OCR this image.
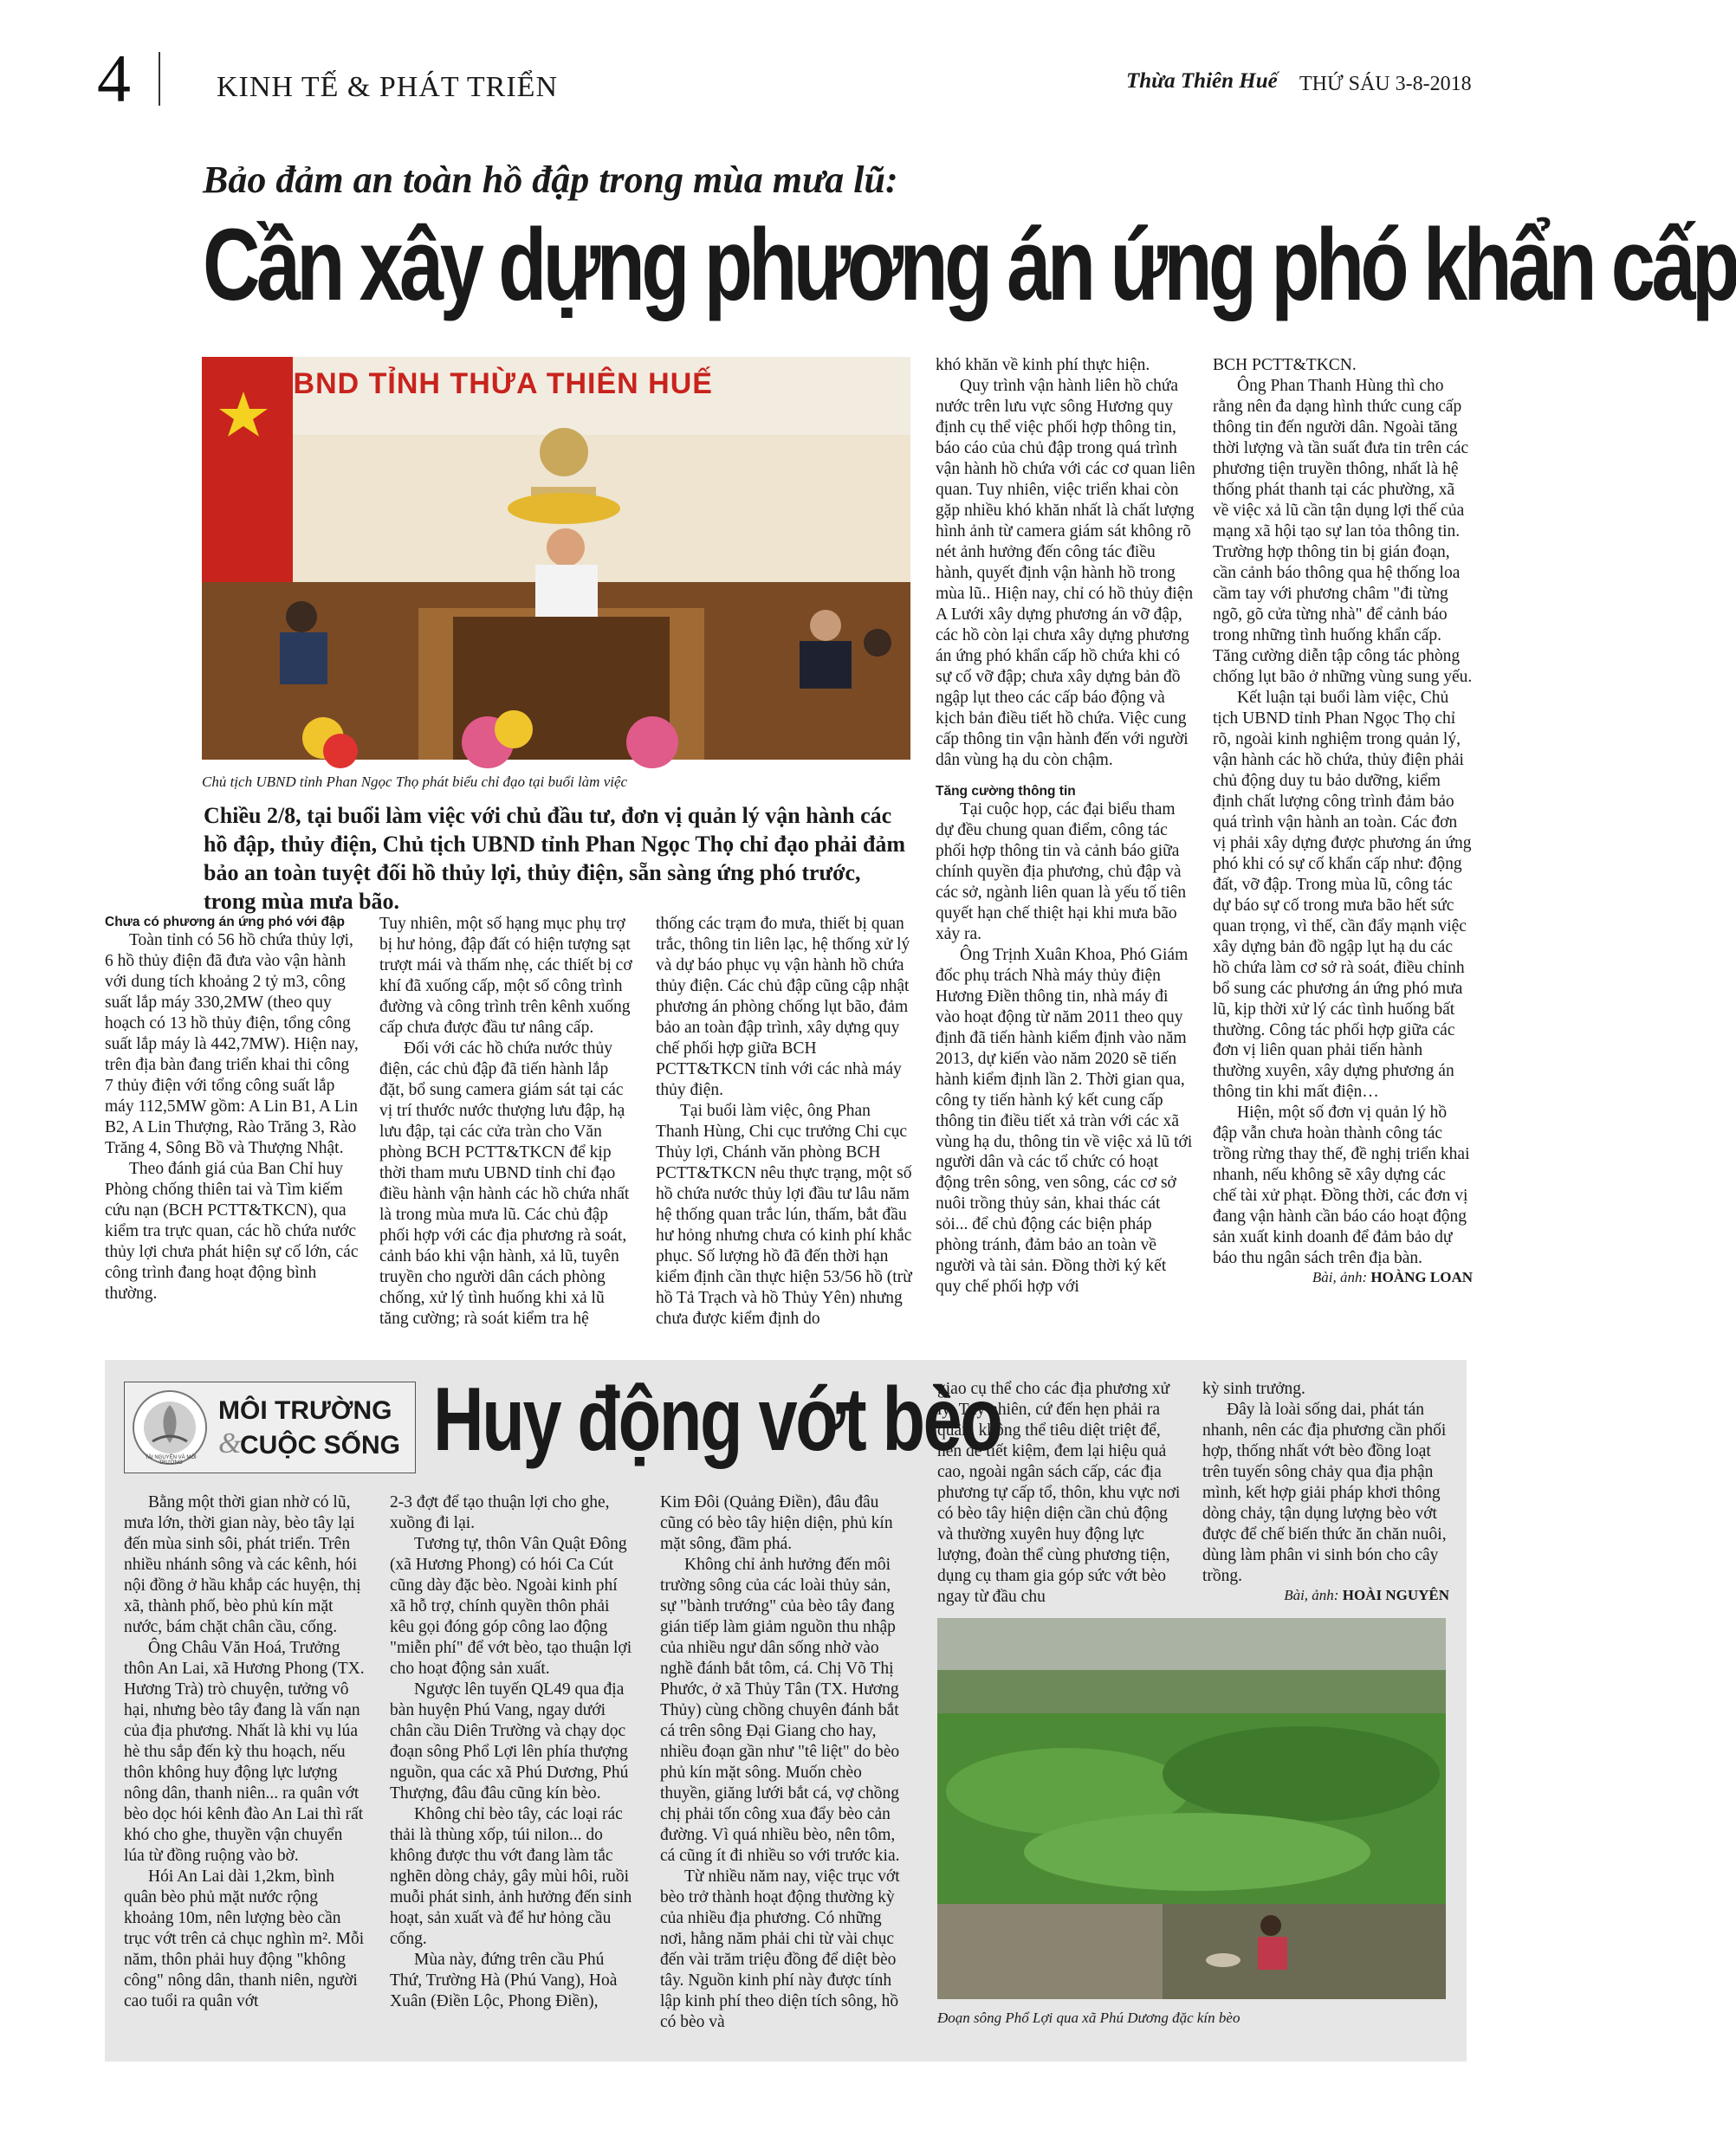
4	KINH TẾ & PHÁT TRIỂN	Thừa Thiên Huế THỨ SÁU 3-8-2018
Bảo đảm an toàn hồ đập trong mùa mưa lũ:
Cần xây dựng phương án ứng phó khẩn cấp
UBND TỈNH THỪA THIÊN HUẾ
Chủ tịch UBND tỉnh Phan Ngọc Thọ phát biểu chỉ đạo tại buổi làm việc
Chiều 2/8, tại buổi làm việc với chủ đầu tư, đơn vị quản lý vận hành các hồ đập, thủy điện, Chủ tịch UBND tỉnh Phan Ngọc Thọ chỉ đạo phải đảm bảo an toàn tuyệt đối hồ thủy lợi, thủy điện, sẵn sàng ứng phó trước, trong mùa mưa bão.
Chưa có phương án ứng phó với đập

Toàn tỉnh có 56 hồ chứa thủy lợi, 6 hồ thủy điện đã đưa vào vận hành với dung tích khoảng 2 tỷ m3, công suất lắp máy 330,2MW (theo quy hoạch có 13 hồ thủy điện, tổng công suất lắp máy là 442,7MW). Hiện nay, trên địa bàn đang triển khai thi công 7 thủy điện với tổng công suất lắp máy 112,5MW gồm: A Lin B1, A Lin B2, A Lin Thượng, Rào Trăng 3, Rào Trăng 4, Sông Bồ và Thượng Nhật.

Theo đánh giá của Ban Chỉ huy Phòng chống thiên tai và Tìm kiếm cứu nạn (BCH PCTT&TKCN), qua kiểm tra trực quan, các hồ chứa nước thủy lợi chưa phát hiện sự cố lớn, các công trình đang hoạt động bình thường.

Tuy nhiên, một số hạng mục phụ trợ bị hư hỏng, đập đất có hiện tượng sạt trượt mái và thấm nhẹ, các thiết bị cơ khí đã xuống cấp, một số công trình đường và công trình trên kênh xuống cấp chưa được đầu tư nâng cấp.

Đối với các hồ chứa nước thủy điện, các chủ đập đã tiến hành lắp đặt, bổ sung camera giám sát tại các vị trí thước nước thượng lưu đập, hạ lưu đập, tại các cửa tràn cho Văn phòng BCH PCTT&TKCN để kịp thời tham mưu UBND tỉnh chỉ đạo điều hành vận hành các hồ chứa nhất là trong mùa mưa lũ. Các chủ đập phối hợp với các địa phương rà soát, cảnh báo khi vận hành, xả lũ, tuyên truyền cho người dân cách phòng chống, xử lý tình huống khi xả lũ tăng cường; rà soát kiểm tra hệ

thống các trạm đo mưa, thiết bị quan trắc, thông tin liên lạc, hệ thống xử lý và dự báo phục vụ vận hành hồ chứa thủy điện. Các chủ đập cũng cập nhật phương án phòng chống lụt bão, đảm bảo an toàn đập trình, xây dựng quy chế phối hợp giữa BCH PCTT&TKCN tỉnh với các nhà máy thủy điện.

Tại buổi làm việc, ông Phan Thanh Hùng, Chi cục trưởng Chi cục Thủy lợi, Chánh văn phòng BCH PCTT&TKCN nêu thực trạng, một số hồ chứa nước thủy lợi đầu tư lâu năm hệ thống quan trắc lún, thấm, bắt đầu hư hỏng nhưng chưa có kinh phí khắc phục. Số lượng hồ đã đến thời hạn kiểm định cần thực hiện 53/56 hồ (trừ hồ Tả Trạch và hồ Thủy Yên) nhưng chưa được kiểm định do

khó khăn về kinh phí thực hiện.

Quy trình vận hành liên hồ chứa nước trên lưu vực sông Hương quy định cụ thể việc phối hợp thông tin, báo cáo của chủ đập trong quá trình vận hành hồ chứa với các cơ quan liên quan. Tuy nhiên, việc triển khai còn gặp nhiều khó khăn nhất là chất lượng hình ảnh từ camera giám sát không rõ nét ảnh hưởng đến công tác điều hành, quyết định vận hành hồ trong mùa lũ.. Hiện nay, chỉ có hồ thủy điện A Lưới xây dựng phương án vỡ đập, các hồ còn lại chưa xây dựng phương án ứng phó khẩn cấp hồ chứa khi có sự cố vỡ đập; chưa xây dựng bản đồ ngập lụt theo các cấp báo động và kịch bản điều tiết hồ chứa. Việc cung cấp thông tin vận hành đến với người dân vùng hạ du còn chậm.

Tăng cường thông tin

Tại cuộc họp, các đại biểu tham dự đều chung quan điểm, công tác phối hợp thông tin và cảnh báo giữa chính quyền địa phương, chủ đập và các sở, ngành liên quan là yếu tố tiên quyết hạn chế thiệt hại khi mưa bão xảy ra.

Ông Trịnh Xuân Khoa, Phó Giám đốc phụ trách Nhà máy thủy điện Hương Điền thông tin, nhà máy đi vào hoạt động từ năm 2011 theo quy định đã tiến hành kiểm định vào năm 2013, dự kiến vào năm 2020 sẽ tiến hành kiểm định lần 2. Thời gian qua, công ty tiến hành ký kết cung cấp thông tin điều tiết xả tràn với các xã vùng hạ du, thông tin về việc xả lũ tới người dân và các tổ chức có hoạt động trên sông, ven sông, các cơ sở nuôi trồng thủy sản, khai thác cát sỏi... để chủ động các biện pháp phòng tránh, đảm bảo an toàn về người và tài sản. Đồng thời ký kết quy chế phối hợp với

BCH PCTT&TKCN.

Ông Phan Thanh Hùng thì cho rằng nên đa dạng hình thức cung cấp thông tin đến người dân. Ngoài tăng thời lượng và tần suất đưa tin trên các phương tiện truyền thông, nhất là hệ thống phát thanh tại các phường, xã về việc xả lũ cần tận dụng lợi thế của mạng xã hội tạo sự lan tỏa thông tin. Trường hợp thông tin bị gián đoạn, cần cảnh báo thông qua hệ thống loa cầm tay với phương châm "đi từng ngõ, gõ cửa từng nhà" để cảnh báo trong những tình huống khẩn cấp. Tăng cường diễn tập công tác phòng chống lụt bão ở những vùng sung yếu.

Kết luận tại buổi làm việc, Chủ tịch UBND tỉnh Phan Ngọc Thọ chỉ rõ, ngoài kinh nghiệm trong quản lý, vận hành các hồ chứa, thủy điện phải chủ động duy tu bảo dưỡng, kiểm định chất lượng công trình đảm bảo quá trình vận hành an toàn. Các đơn vị phải xây dựng được phương án ứng phó khi có sự cố khẩn cấp như: động đất, vỡ đập. Trong mùa lũ, công tác dự báo sự cố trong mưa bão hết sức quan trọng, vì thế, cần đẩy mạnh việc xây dựng bản đồ ngập lụt hạ du các hồ chứa làm cơ sở rà soát, điều chỉnh bổ sung các phương án ứng phó mưa lũ, kịp thời xử lý các tình huống bất thường. Công tác phối hợp giữa các đơn vị liên quan phải tiến hành thường xuyên, xây dựng phương án thông tin khi mất điện…

Hiện, một số đơn vị quản lý hồ đập vẫn chưa hoàn thành công tác trồng rừng thay thế, đề nghị triển khai nhanh, nếu không sẽ xây dựng các chế tài xử phạt. Đồng thời, các đơn vị đang vận hành cần báo cáo hoạt động sản xuất kinh doanh để đảm bảo dự báo thu ngân sách trên địa bàn.

Bài, ảnh: HOÀNG LOAN
TÀI NGUYÊN VÀ MÔI TRƯỜNG
MÔI TRƯỜNG
&
CUỘC SỐNG Huy động vớt bèo

Bằng một thời gian nhờ có lũ, mưa lớn, thời gian này, bèo tây lại đến mùa sinh sôi, phát triển. Trên nhiều nhánh sông và các kênh, hói nội đồng ở hầu khắp các huyện, thị xã, thành phố, bèo phủ kín mặt nước, bám chặt chân cầu, cống.

Ông Châu Văn Hoá, Trưởng thôn An Lai, xã Hương Phong (TX. Hương Trà) trò chuyện, tưởng vô hại, nhưng bèo tây đang là vấn nạn của địa phương. Nhất là khi vụ lúa hè thu sắp đến kỳ thu hoạch, nếu thôn không huy động lực lượng nông dân, thanh niên... ra quân vớt bèo dọc hói kênh đào An Lai thì rất khó cho ghe, thuyền vận chuyển lúa từ đồng ruộng vào bờ.

Hói An Lai dài 1,2km, bình quân bèo phủ mặt nước rộng khoảng 10m, nên lượng bèo cần trục vớt trên cả chục nghìn m². Mỗi năm, thôn phải huy động "không công" nông dân, thanh niên, người cao tuổi ra quân vớt

2-3 đợt để tạo thuận lợi cho ghe, xuồng đi lại.

Tương tự, thôn Vân Quật Đông (xã Hương Phong) có hói Ca Cút cũng dày đặc bèo. Ngoài kinh phí xã hỗ trợ, chính quyền thôn phải kêu gọi đóng góp công lao động "miễn phí" để vớt bèo, tạo thuận lợi cho hoạt động sản xuất.

Ngược lên tuyến QL49 qua địa bàn huyện Phú Vang, ngay dưới chân cầu Diên Trường và chạy dọc đoạn sông Phổ Lợi lên phía thượng nguồn, qua các xã Phú Dương, Phú Thượng, đâu đâu cũng kín bèo.

Không chỉ bèo tây, các loại rác thải là thùng xốp, túi nilon... do không được thu vớt đang làm tắc nghẽn dòng chảy, gây mùi hôi, ruồi muỗi phát sinh, ảnh hưởng đến sinh hoạt, sản xuất và để hư hỏng cầu cống.

Mùa này, đứng trên cầu Phú Thứ, Trường Hà (Phú Vang), Hoà Xuân (Điền Lộc, Phong Điền),

Kim Đôi (Quảng Điền), đâu đâu cũng có bèo tây hiện diện, phủ kín mặt sông, đầm phá.

Không chỉ ảnh hưởng đến môi trường sông của các loài thủy sản, sự "bành trướng" của bèo tây đang gián tiếp làm giảm nguồn thu nhập của nhiều ngư dân sống nhờ vào nghề đánh bắt tôm, cá. Chị Võ Thị Phước, ở xã Thủy Tân (TX. Hương Thủy) cùng chồng chuyên đánh bắt cá trên sông Đại Giang cho hay, nhiều đoạn gần như "tê liệt" do bèo phủ kín mặt sông. Muốn chèo thuyền, giăng lưới bắt cá, vợ chồng chị phải tốn công xua đẩy bèo cản đường. Vì quá nhiều bèo, nên tôm, cá cũng ít đi nhiều so với trước kia.

Từ nhiều năm nay, việc trục vớt bèo trở thành hoạt động thường kỳ của nhiều địa phương. Có những nơi, hằng năm phải chi từ vài chục đến vài trăm triệu đồng để diệt bèo tây. Nguồn kinh phí này được tính lập kinh phí theo diện tích sông, hồ có bèo và

giao cụ thể cho các địa phương xử lý. Tuy nhiên, cứ đến hẹn phải ra quân, không thể tiêu diệt triệt để, nên để tiết kiệm, đem lại hiệu quả cao, ngoài ngân sách cấp, các địa phương tự cấp tổ, thôn, khu vực nơi có bèo tây hiện diện cần chủ động và thường xuyên huy động lực lượng, đoàn thể cùng phương tiện, dụng cụ tham gia góp sức vớt bèo ngay từ đầu chu

kỳ sinh trưởng.

Đây là loài sống dai, phát tán nhanh, nên các địa phương cần phối hợp, thống nhất vớt bèo đồng loạt trên tuyến sông chảy qua địa phận mình, kết hợp giải pháp khơi thông dòng chảy, tận dụng lượng bèo vớt được để chế biến thức ăn chăn nuôi, dùng làm phân vi sinh bón cho cây trồng.

Bài, ảnh: HOÀI NGUYÊN
Đoạn sông Phổ Lợi qua xã Phú Dương đặc kín bèo
